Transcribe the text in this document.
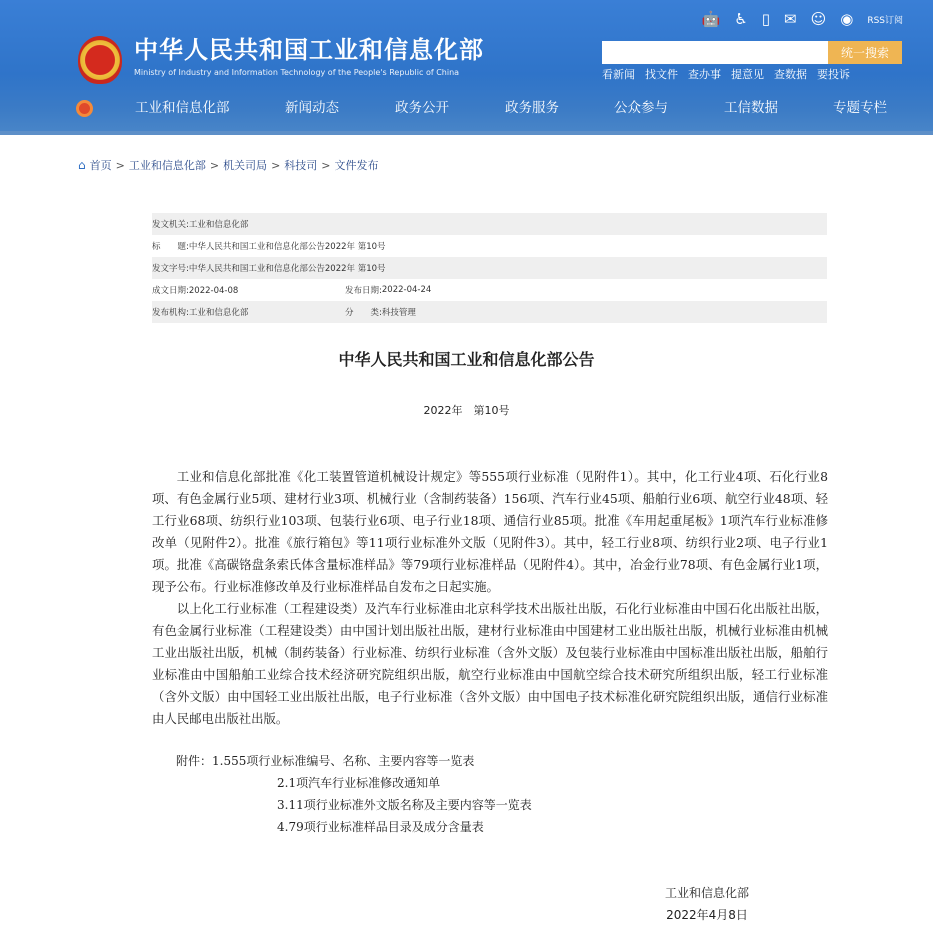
🤖 ♿ ▯ ✉ ☺ ◉ RSS订阅
中华人民共和国工业和信息化部
Ministry of Industry and Information Technology of the People's Republic of China
统一搜索
看新闻 找文件 查办事 提意见 查数据 要投诉
工业和信息化部	新闻动态	政务公开	政务服务	公众参与	工信数据	专题专栏
⌂ 首页 > 工业和信息化部 > 机关司局 > 科技司 > 文件发布
发文机关: 工业和信息化部
标　　题: 中华人民共和国工业和信息化部公告2022年 第10号
发文字号: 中华人民共和国工业和信息化部公告2022年 第10号
成文日期:2022-04-08	发布日期: 2022-04-24
发布机构:工业和信息化部	分　　类: 科技管理
中华人民共和国工业和信息化部公告
2022年　第10号

工业和信息化部批准《化工装置管道机械设计规定》等555项行业标准（见附件1）。其中，化工行业4项、石化行业8项、有色金属行业5项、建材行业3项、机械行业（含制药装备）156项、汽车行业45项、船舶行业6项、航空行业48项、轻工行业68项、纺织行业103项、包装行业6项、电子行业18项、通信行业85项。批准《车用起重尾板》1项汽车行业标准修改单（见附件2）。批准《旅行箱包》等11项行业标准外文版（见附件3）。其中，轻工行业8项、纺织行业2项、电子行业1项。批准《高碳铬盘条索氏体含量标准样品》等79项行业标准样品（见附件4）。其中，冶金行业78项、有色金属行业1项，现予公布。行业标准修改单及行业标准样品自发布之日起实施。

以上化工行业标准（工程建设类）及汽车行业标准由北京科学技术出版社出版，石化行业标准由中国石化出版社出版，有色金属行业标准（工程建设类）由中国计划出版社出版，建材行业标准由中国建材工业出版社出版，机械行业标准由机械工业出版社出版，机械（制药装备）行业标准、纺织行业标准（含外文版）及包装行业标准由中国标准出版社出版，船舶行业标准由中国船舶工业综合技术经济研究院组织出版，航空行业标准由中国航空综合技术研究所组织出版，轻工行业标准（含外文版）由中国轻工业出版社出版，电子行业标准（含外文版）由中国电子技术标准化研究院组织出版，通信行业标准由人民邮电出版社出版。

附件：1.555项行业标准编号、名称、主要内容等一览表
2.1项汽车行业标准修改通知单
3.11项行业标准外文版名称及主要内容等一览表
4.79项行业标准样品目录及成分含量表
工业和信息化部
2022年4月8日
